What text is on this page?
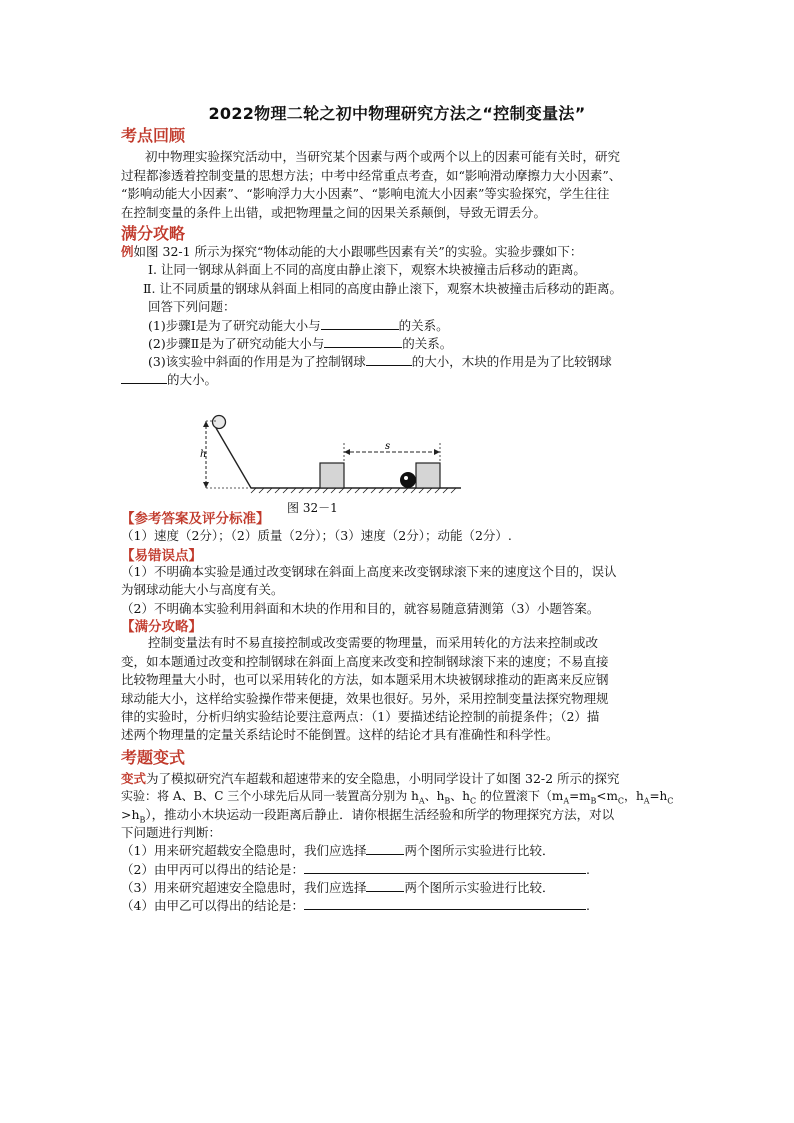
2022物理二轮之初中物理研究方法之“控制变量法”
考点回顾
初中物理实验探究活动中，当研究某个因素与两个或两个以上的因素可能有关时，研究
过程都渗透着控制变量的思想方法；中考中经常重点考查，如“影响滑动摩擦力大小因素”、
“影响动能大小因素”、“影响浮力大小因素”、“影响电流大小因素”等实验探究，学生往往
在控制变量的条件上出错，或把物理量之间的因果关系颠倒，导致无谓丢分。
满分攻略
例如图 32-1 所示为探究“物体动能的大小跟哪些因素有关”的实验。实验步骤如下：
Ⅰ. 让同一钢球从斜面上不同的高度由静止滚下，观察木块被撞击后移动的距离。
Ⅱ. 让不同质量的钢球从斜面上相同的高度由静止滚下，观察木块被撞击后移动的距离。
回答下列问题：
(1)步骤Ⅰ是为了研究动能大小与	的关系。
(2)步骤Ⅱ是为了研究动能大小与	的关系。
(3)该实验中斜面的作用是为了控制钢球	的大小，木块的作用是为了比较钢球
的大小。
h
s
图 32－1
【参考答案及评分标准】
（1）速度（2分）；（2）质量（2分）；（3）速度（2分）；动能（2分）.
【易错误点】
（1）不明确本实验是通过改变钢球在斜面上高度来改变钢球滚下来的速度这个目的，误认
为钢球动能大小与高度有关。
（2）不明确本实验利用斜面和木块的作用和目的，就容易随意猜测第（3）小题答案。
【满分攻略】
控制变量法有时不易直接控制或改变需要的物理量，而采用转化的方法来控制或改
变，如本题通过改变和控制钢球在斜面上高度来改变和控制钢球滚下来的速度；不易直接
比较物理量大小时，也可以采用转化的方法，如本题采用木块被钢球推动的距离来反应钢
球动能大小，这样给实验操作带来便捷，效果也很好。另外，采用控制变量法探究物理规
律的实验时，分析归纳实验结论要注意两点：（1）要描述结论控制的前提条件；（2）描
述两个物理量的定量关系结论时不能倒置。这样的结论才具有准确性和科学性。
考题变式
变式为了模拟研究汽车超载和超速带来的安全隐患，小明同学设计了如图 32-2 所示的探究
实验：将 A、B、C 三个小球先后从同一装置高分别为 $h_A$、$h_B$、$h_C$ 的位置滚下（$m_A=m_B<m_C$，$h_A=h_C$
$>h_B$），推动小木块运动一段距离后静止．请你根据生活经验和所学的物理探究方法，对以
下问题进行判断：
（1）用来研究超载安全隐患时，我们应选择	两个图所示实验进行比较．
（2）由甲丙可以得出的结论是：	.
（3）用来研究超速安全隐患时，我们应选择	两个图所示实验进行比较．
（4）由甲乙可以得出的结论是：	.
